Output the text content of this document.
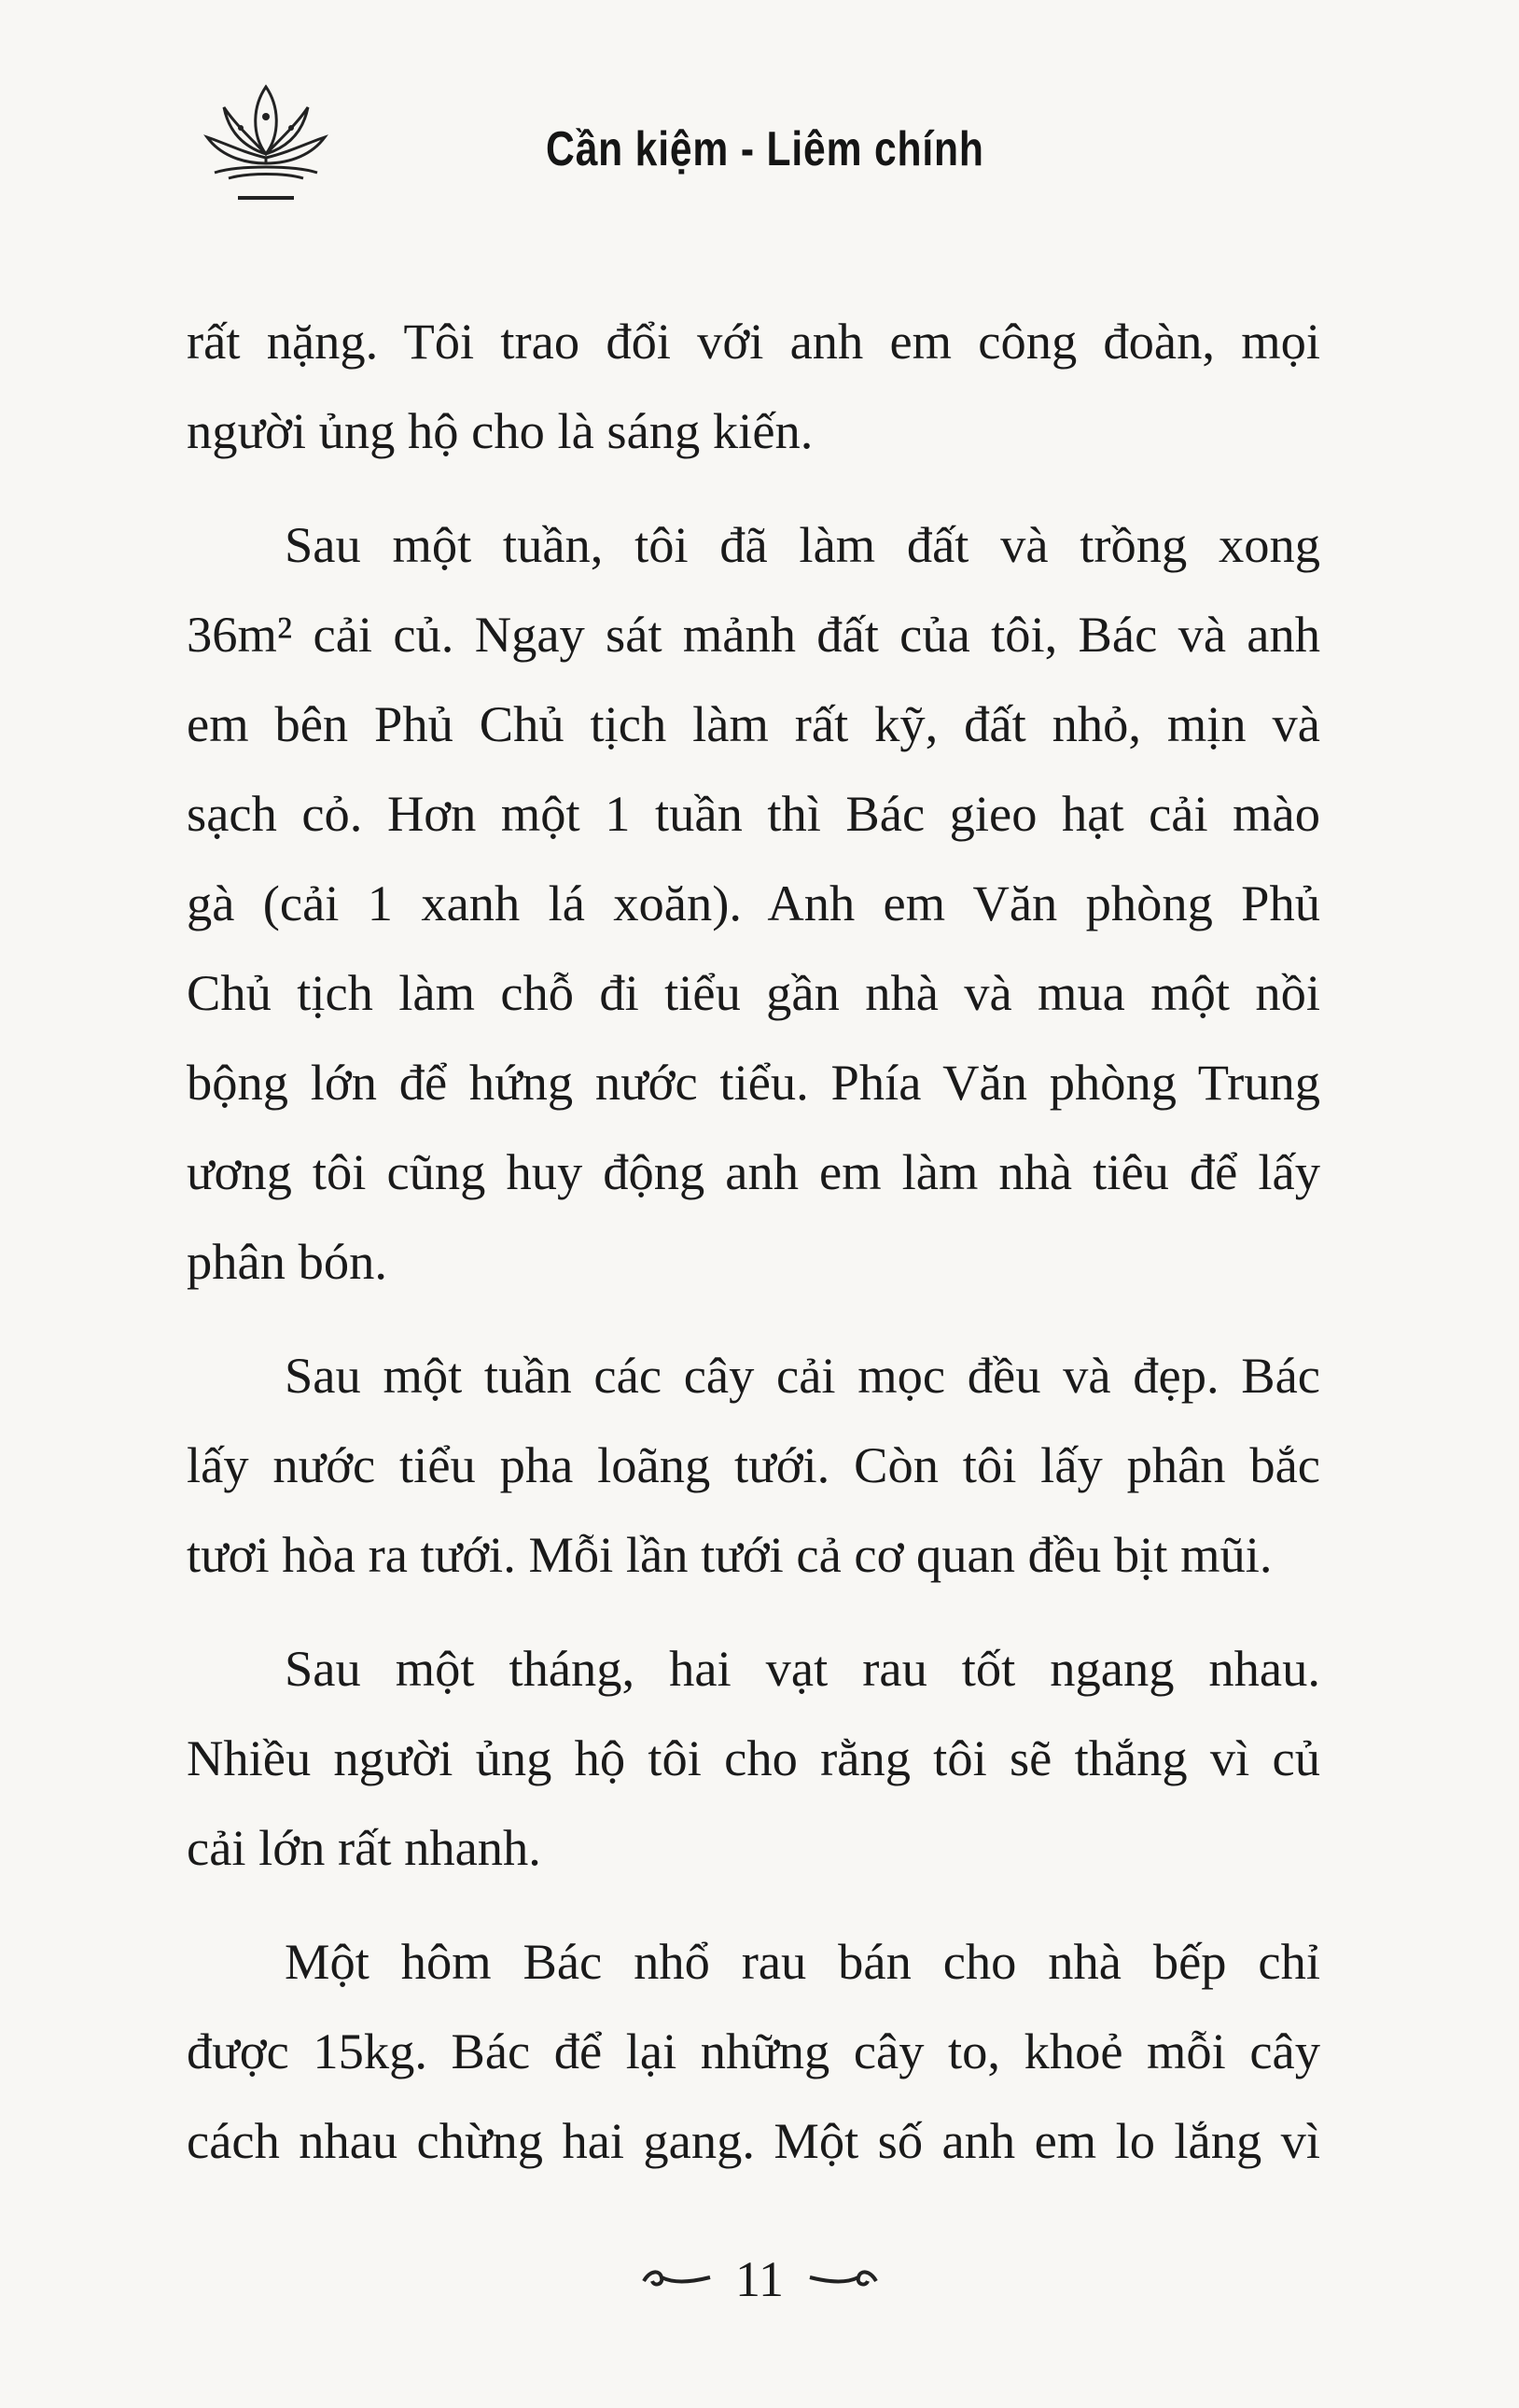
Cần kiệm - Liêm chính
rất nặng. Tôi trao đổi với anh em công đoàn, mọi
người ủng hộ cho là sáng kiến.
Sau một tuần, tôi đã làm đất và trồng xong
36m² cải củ. Ngay sát mảnh đất của tôi, Bác và anh
em bên Phủ Chủ tịch làm rất kỹ, đất nhỏ, mịn và
sạch cỏ. Hơn một 1 tuần thì Bác gieo hạt cải mào
gà (cải 1 xanh lá xoăn). Anh em Văn phòng Phủ
Chủ tịch làm chỗ đi tiểu gần nhà và mua một nồi
bộng lớn để hứng nước tiểu. Phía Văn phòng Trung
ương tôi cũng huy động anh em làm nhà tiêu để lấy
phân bón.
Sau một tuần các cây cải mọc đều và đẹp. Bác
lấy nước tiểu pha loãng tưới. Còn tôi lấy phân bắc
tươi hòa ra tưới. Mỗi lần tưới cả cơ quan đều bịt mũi.
Sau một tháng, hai vạt rau tốt ngang nhau.
Nhiều người ủng hộ tôi cho rằng tôi sẽ thắng vì củ
cải lớn rất nhanh.
Một hôm Bác nhổ rau bán cho nhà bếp chỉ
được 15kg. Bác để lại những cây to, khoẻ mỗi cây
cách nhau chừng hai gang. Một số anh em lo lắng vì
11
